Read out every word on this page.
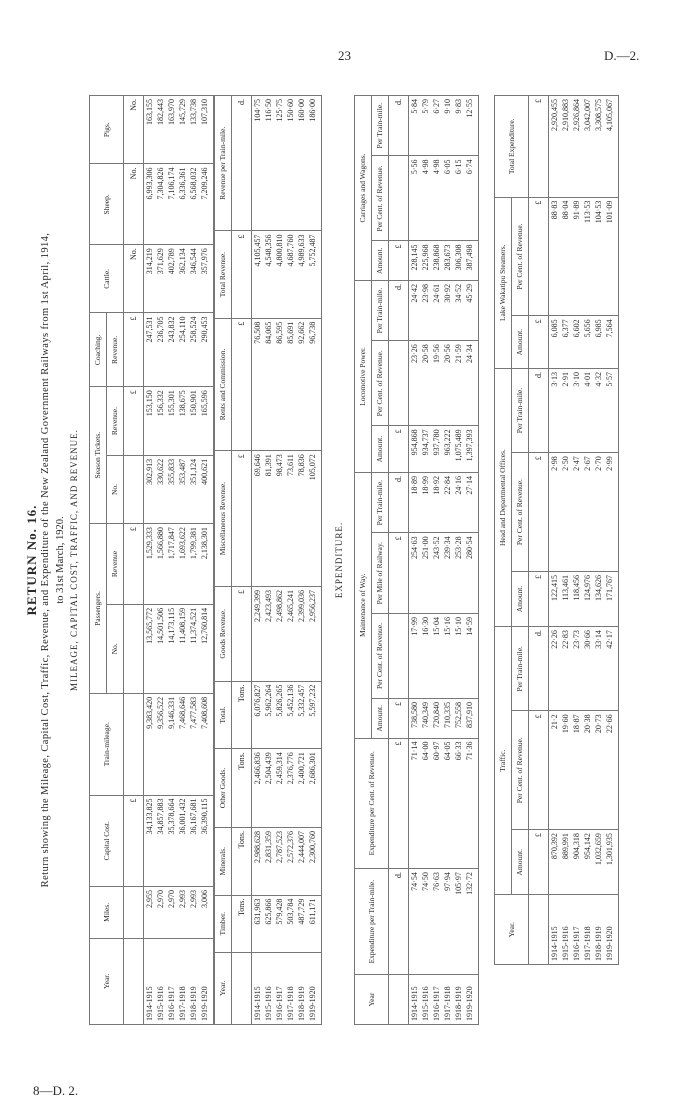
23	D.—2.
8—D. 2.
RETURN No. 16. Return showing the Mileage, Capital Cost, Traffic, Revenue, and Expenditure of the New Zealand Government Railways from 1st April, 1914, to 31st March, 1920. MILEAGE, CAPITAL COST, TRAFFIC, AND REVENUE.
Year.	Miles.	Capital Cost.	Train-mileage.	Passengers.		Season Tickets.		Coaching.	Cattle.	Sheep.	Pigs.
				No.	Revenue	No.	Revenue.	Revenue.			
		£			£		£	£	No.	No.	No.
1914-1915	2,955	34,133,825	9,383,420	13,565,772	1,529,333	302,913	153,150	247,531	314,219	6,993,306	163,155
1915-1916	2,970	34,857,883	9,356,522	14,501,506	1,566,880	330,622	156,332	236,705	371,629	7,304,826	182,443
1916-1917	2,970	35,378,664	9,146,331	14,173,115	1,717,847	355,833	155,301	243,832	402,789	7,106,174	163,970
1917-1918	2,993	36,001,432	7,468,646	11,408,159	1,693,622	353,487	138,675	254,110	362,134	6,336,361	145,729
1918-1919	2,993	36,167,681	7,477,583	11,374,521	1,799,381	351,124	150,901	258,524	346,544	6,568,032	133,738
1919-1920	3,006	36,390,115	7,408,608	12,760,814	2,138,301	400,621	165,596	290,453	357,976	7,209,246	107,310
Year.	Timber.	Minerals.	Other Goods.	Total.	Goods Revenue.	Miscellaneous Revenue.	Rents and Commission.	Total Revenue.	Revenue per Train-mile.
	Tons.	Tons.	Tons.	Tons.	£	£	£	£	d.
1914-1915	631,963	2,988,628	2,466,836	6,076,827	2,249,399	69,646	76,508	4,105,457	104·75
1915-1916	625,866	2,831,359	2,504,439	5,962,264	2,423,493	81,391	84,065	4,548,356	116·50
1916-1917	579,428	2,787,523	2,459,314	5,826,265	2,498,862	98,473	86,595	4,800,810	125·75
1917-1918	503,784	2,572,376	2,376,776	5,452,136	2,465,241	73,611	85,691	4,687,760	150·60
1918-1919	487,729	2,444,007	2,400,721	5,332,457	2,399,036	78,836	92,662	4,989,633	160·00
1919-1920	611,171	2,300,760	2,686,301	5,597,232	2,956,237	105,072	96,738	5,752,487	186·00
EXPENDITURE.
Year	Expenditure per Train-mile.	Expenditure per Cent. of Revenue.	Maintenance of Way.				Locomotive Power.			Carriages and Wagons.		
			Amount.	Per Cent. of Revenue.	Per Mile of Railway.	Per Train-mile.	Amount.	Per Cent. of Revenue.	Per Train-mile.	Amount.	Per Cent. of Revenue.	Per Train-mile.
	d.	£	£		£	d.	£		d.	£		d.
1914-1915	74·54	71·14	738,580	17·99	254·63	18·89	954,868	23·26	24·42	228,145	5·56	5·84
1915-1916	74·50	64·00	740,349	16·30	251·00	18·99	934,737	20·58	23·98	225,968	4·98	5·79
1916-1917	76·63	60·97	720,840	15·04	243·52	18·92	937,780	19·56	24·61	238,868	4·98	6·27
1917-1918	97·94	64·05	710,335	15·16	239·34	22·84	963,222	20·56	30·92	283,673	6·05	9·10
1918-1919	105·97	66·33	752,558	15·10	253·28	24·16	1,075,489	21·59	34·52	306,308	6·15	9·83
1919-1920	132·72	71·36	837,910	14·59	280·54	27·14	1,397,393	24·34	45·29	387,498	6·74	12·55
Year.	Traffic.			Head and Departmental Offices.			Lake Wakatipu Steamers.		Total Expenditure.
	Amount.	Per Cent. of Revenue.	Per Train-mile.	Amount.	Per Cent. of Revenue.	Per Train-mile.	Amount.	Per Cent. of Revenue.	
	£	£	d.	£	£	d.	£	£	£
1914-1915	870,392	21·2	22·26	122,415	2·98	3·13	6,085	88·83	2,920,455
1915-1916	889,991	19·60	22·83	113,461	2·50	2·91	6,377	88·04	2,910,883
1916-1917	904,318	18·87	23·73	118,456	2·47	3·10	6,602	91·89	2,926,864
1917-1918	954,142	20·38	30·66	124,976	2·67	4·01	5,656	113·53	3,042,007
1918-1919	1,032,659	20·73	33·14	134,626	2·70	4·32	6,985	104·53	3,308,575
1919-1920	1,301,935	22·66	42·17	171,767	2·99	5·57	7,564	101·09	4,105,067
